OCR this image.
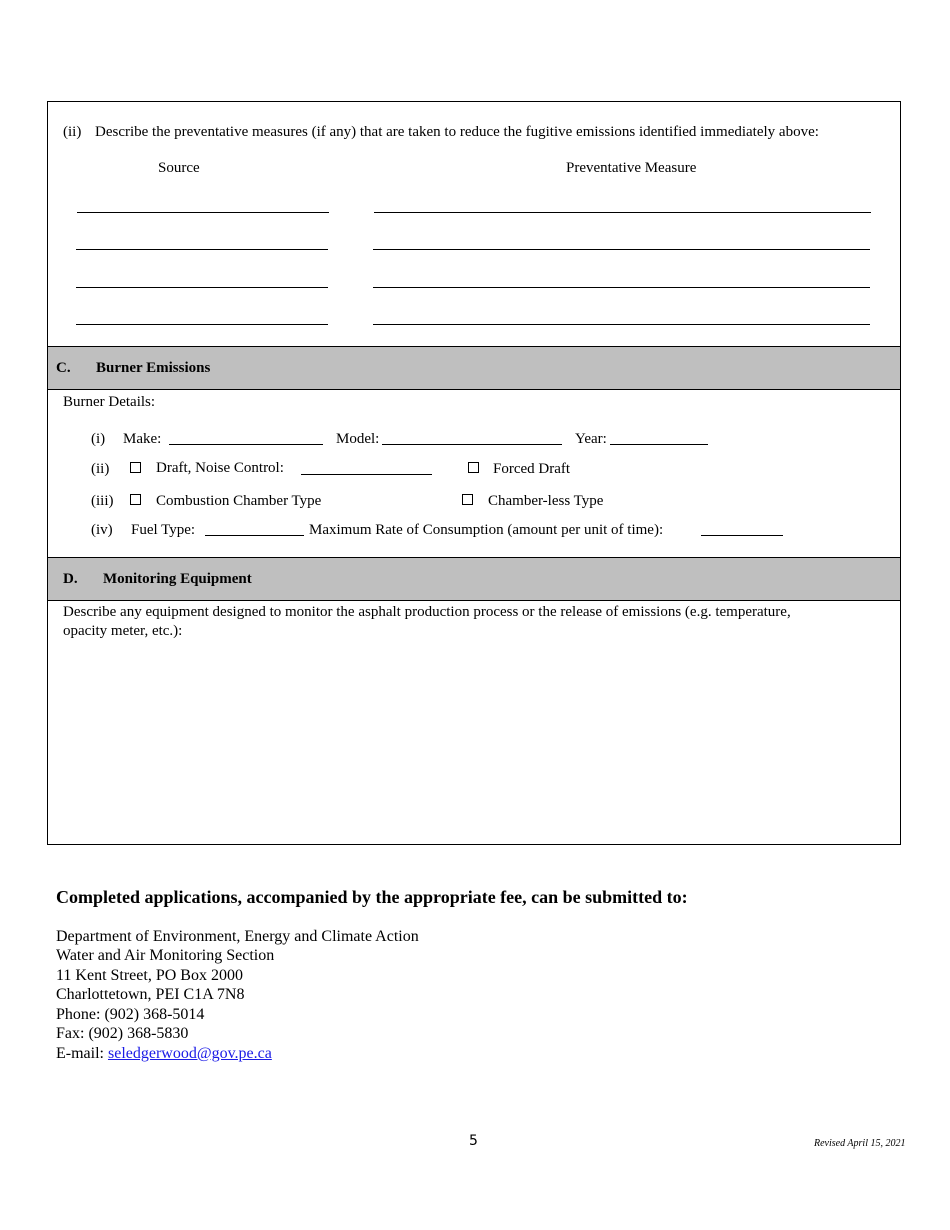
(ii) Describe the preventative measures (if any) that are taken to reduce the fugitive emissions identified immediately above:
Source	Preventative Measure
C. Burner Emissions
Burner Details:
(i) Make:	Model:	Year:
(ii)	Draft, Noise Control:	Forced Draft
(iii)	Combustion Chamber Type	Chamber-less Type
(iv) Fuel Type:	Maximum Rate of Consumption (amount per unit of time):
D. Monitoring Equipment
Describe any equipment designed to monitor the asphalt production process or the release of emissions (e.g. temperature,
opacity meter, etc.):
Completed applications, accompanied by the appropriate fee, can be submitted to:
Department of Environment, Energy and Climate Action
Water and Air Monitoring Section
11 Kent Street, PO Box 2000
Charlottetown, PEI C1A 7N8
Phone: (902) 368-5014
Fax: (902) 368-5830
E-mail: seledgerwood@gov.pe.ca
5	Revised April 15, 2021
